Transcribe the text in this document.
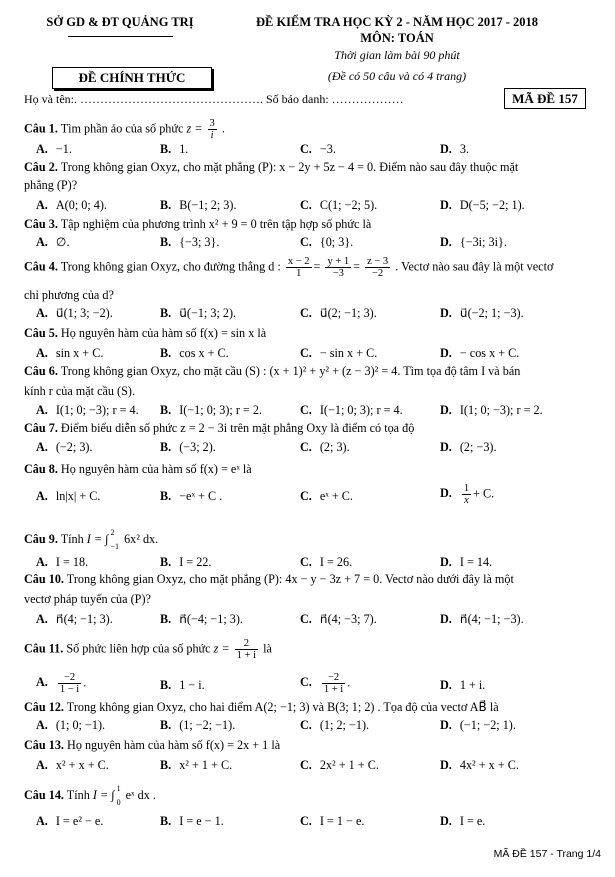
SỞ GD & ĐT QUẢNG TRỊ	ĐỀ KIỂM TRA HỌC KỲ 2 - NĂM HỌC 2017 - 2018
MÔN: TOÁN
Thời gian làm bài 90 phút
(Đề có 50 câu và có 4 trang)
ĐỀ CHÍNH THỨC
Họ và tên:. ………………………………………. Số báo danh: ………………	MÃ ĐỀ 157
Câu 1. Tìm phần ảo của số phức $z = \frac{3}{i}$ .
A. −1.	B. 1.	C. −3.	D. 3.
Câu 2. Trong không gian Oxyz, cho mặt phẳng (P): x − 2y + 5z − 4 = 0. Điểm nào sau đây thuộc mặt
phẳng (P)?
A. A(0; 0; 4).	B. B(−1; 2; 3).	C. C(1; −2; 5).	D. D(−5; −2; 1).
Câu 3. Tập nghiệm của phương trình x² + 9 = 0 trên tập hợp số phức là
A. ∅.	B. {−3; 3}.	C. {0; 3}.	D. {−3i; 3i}.
Câu 4. Trong không gian Oxyz, cho đường thẳng d : $\frac{x - 2}{1} = \frac{y + 1}{-3} = \frac{z - 3}{-2}$ . Vectơ nào sau đây là một vectơ
chỉ phương của d?
A. u⃗(1; 3; −2).	B. u⃗(−1; 3; 2).	C. u⃗(2; −1; 3).	D. u⃗(−2; 1; −3).
Câu 5. Họ nguyên hàm của hàm số f(x) = sin x là
A. sin x + C.	B. cos x + C.	C. − sin x + C.	D. − cos x + C.
Câu 6. Trong không gian Oxyz, cho mặt cầu (S) : (x + 1)² + y² + (z − 3)² = 4. Tìm tọa độ tâm I và bán
kính r của mặt cầu (S).
A. I(1; 0; −3); r = 4. B. I(−1; 0; 3); r = 2.	C. I(−1; 0; 3); r = 4.	D. I(1; 0; −3); r = 2.
Câu 7. Điểm biểu diễn số phức z = 2 − 3i trên mặt phẳng Oxy là điểm có tọa độ
A. (−2; 3).	B. (−3; 2).	C. (2; 3).	D. (2; −3).
Câu 8. Họ nguyên hàm của hàm số f(x) = eˣ là
A. ln|x| + C.	B. −eˣ + C .	C. eˣ + C.	D. $\frac{1}{x} + C$.
Câu 9. Tính I = ∫ 2
−1
6x² dx.
A. I = 18.	B. I = 22.	C. I = 26.	D. I = 14.
Câu 10. Trong không gian Oxyz, cho mặt phẳng (P): 4x − y − 3z + 7 = 0. Vectơ nào dưới đây là một
vectơ pháp tuyến của (P)?
A. n⃗(4; −1; 3).	B. n⃗(−4; −1; 3).	C. n⃗(4; −3; 7).	D. n⃗(4; −1; −3).
Câu 11. Số phức liên hợp của số phức $z = \frac{2}{1 + i}$ là
A. $\frac{-2}{1 - i}$ .	B. 1 − i.	C. $\frac{-2}{1 + i}$ .	D. 1 + i.
Câu 12. Trong không gian Oxyz, cho hai điểm A(2; −1; 3) và B(3; 1; 2) . Tọa độ của vectơ AB⃗ là
A. (1; 0; −1).	B. (1; −2; −1).	C. (1; 2; −1).	D. (−1; −2; 1).
Câu 13. Họ nguyên hàm của hàm số f(x) = 2x + 1 là
A. x² + x + C.	B. x² + 1 + C.	C. 2x² + 1 + C.	D. 4x² + x + C.
Câu 14. Tính I = ∫ 1
0
eˣ dx .
A. I = e² − e.	B. I = e − 1.	C. I = 1 − e.	D. I = e.
MÃ ĐỀ 157 - Trang 1/4
